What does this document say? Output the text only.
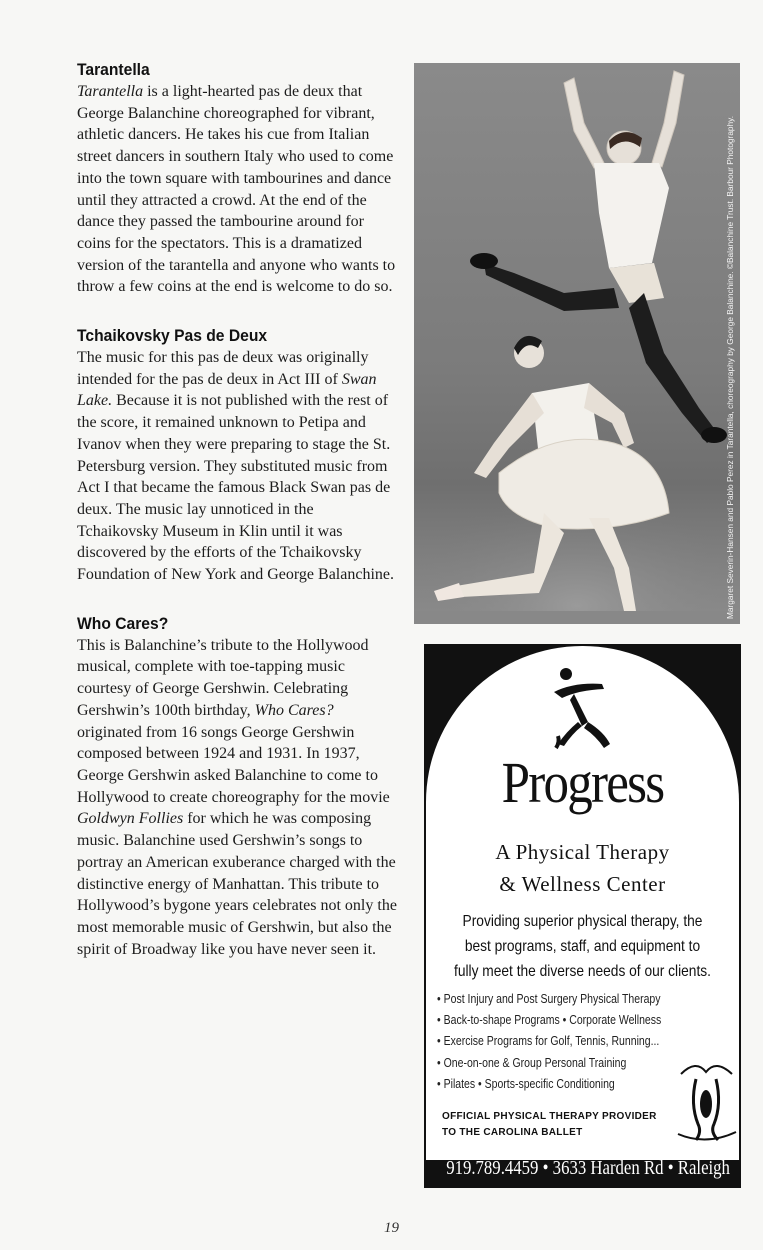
Tarantella

Tarantella is a light-hearted pas de deux that George Balanchine choreographed for vibrant, athletic dancers. He takes his cue from Italian street dancers in southern Italy who used to come into the town square with tambourines and dance until they attracted a crowd. At the end of the dance they passed the tambourine around for coins for the spectators. This is a dramatized version of the tarantella and anyone who wants to throw a few coins at the end is welcome to do so.

Tchaikovsky Pas de Deux

The music for this pas de deux was originally intended for the pas de deux in Act III of Swan Lake. Because it is not published with the rest of the score, it remained unknown to Petipa and Ivanov when they were preparing to stage the St. Petersburg version. They substituted music from Act I that became the famous Black Swan pas de deux. The music lay unnoticed in the Tchaikovsky Museum in Klin until it was discovered by the efforts of the Tchaikovsky Foundation of New York and George Balanchine.

Who Cares?

This is Balanchine’s tribute to the Hollywood musical, complete with toe-tapping music courtesy of George Gershwin. Celebrating Gershwin’s 100th birthday, Who Cares? originated from 16 songs George Gershwin composed between 1924 and 1931. In 1937, George Gershwin asked Balanchine to come to Hollywood to create choreography for the movie Goldwyn Follies for which he was composing music. Balanchine used Gershwin’s songs to portray an American exuberance charged with the distinctive energy of Manhattan. This tribute to Hollywood’s bygone years celebrates not only the most memorable music of Gershwin, but also the spirit of Broadway like you have never seen it.

Margaret Severin-Hansen and Pablo Perez in Tarantella, choreography by George Balanchine. ©Balanchine Trust. Barbour Photography.
Progress
A Physical Therapy
& Wellness Center
Providing superior physical therapy, the best programs, staff, and equipment to fully meet the diverse needs of our clients.
• Post Injury and Post Surgery Physical Therapy
• Back-to-shape Programs • Corporate Wellness
• Exercise Programs for Golf, Tennis, Running...
• One-on-one & Group Personal Training
• Pilates • Sports-specific Conditioning
OFFICIAL PHYSICAL THERAPY PROVIDER
TO THE CAROLINA BALLET
919.789.4459 • 3633 Harden Rd • Raleigh
19
